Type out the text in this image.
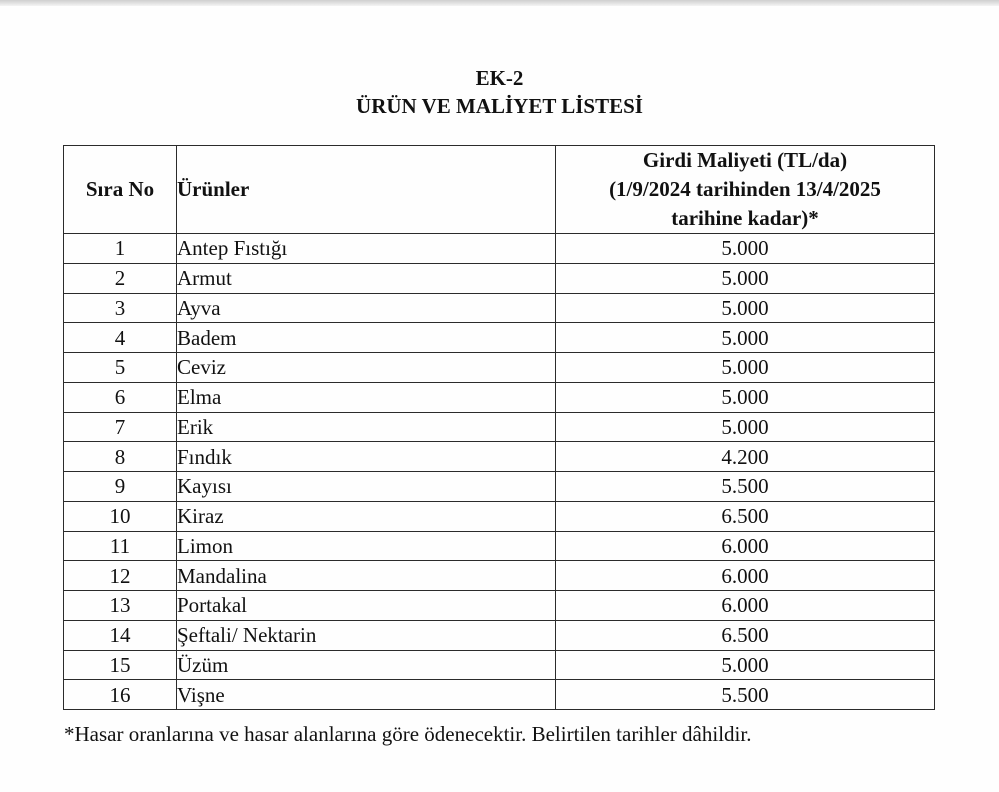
EK-2
ÜRÜN VE MALİYET LİSTESİ
Sıra No	Ürünler	Girdi Maliyeti (TL/da)
(1/9/2024 tarihinden 13/4/2025
tarihine kadar)*

1	Antep Fıstığı	5.000
2	Armut	5.000
3	Ayva	5.000
4	Badem	5.000
5	Ceviz	5.000
6	Elma	5.000
7	Erik	5.000
8	Fındık	4.200
9	Kayısı	5.500
10	Kiraz	6.500
11	Limon	6.000
12	Mandalina	6.000
13	Portakal	6.000
14	Şeftali/ Nektarin	6.500
15	Üzüm	5.000
16	Vişne	5.500
*Hasar oranlarına ve hasar alanlarına göre ödenecektir. Belirtilen tarihler dâhildir.
